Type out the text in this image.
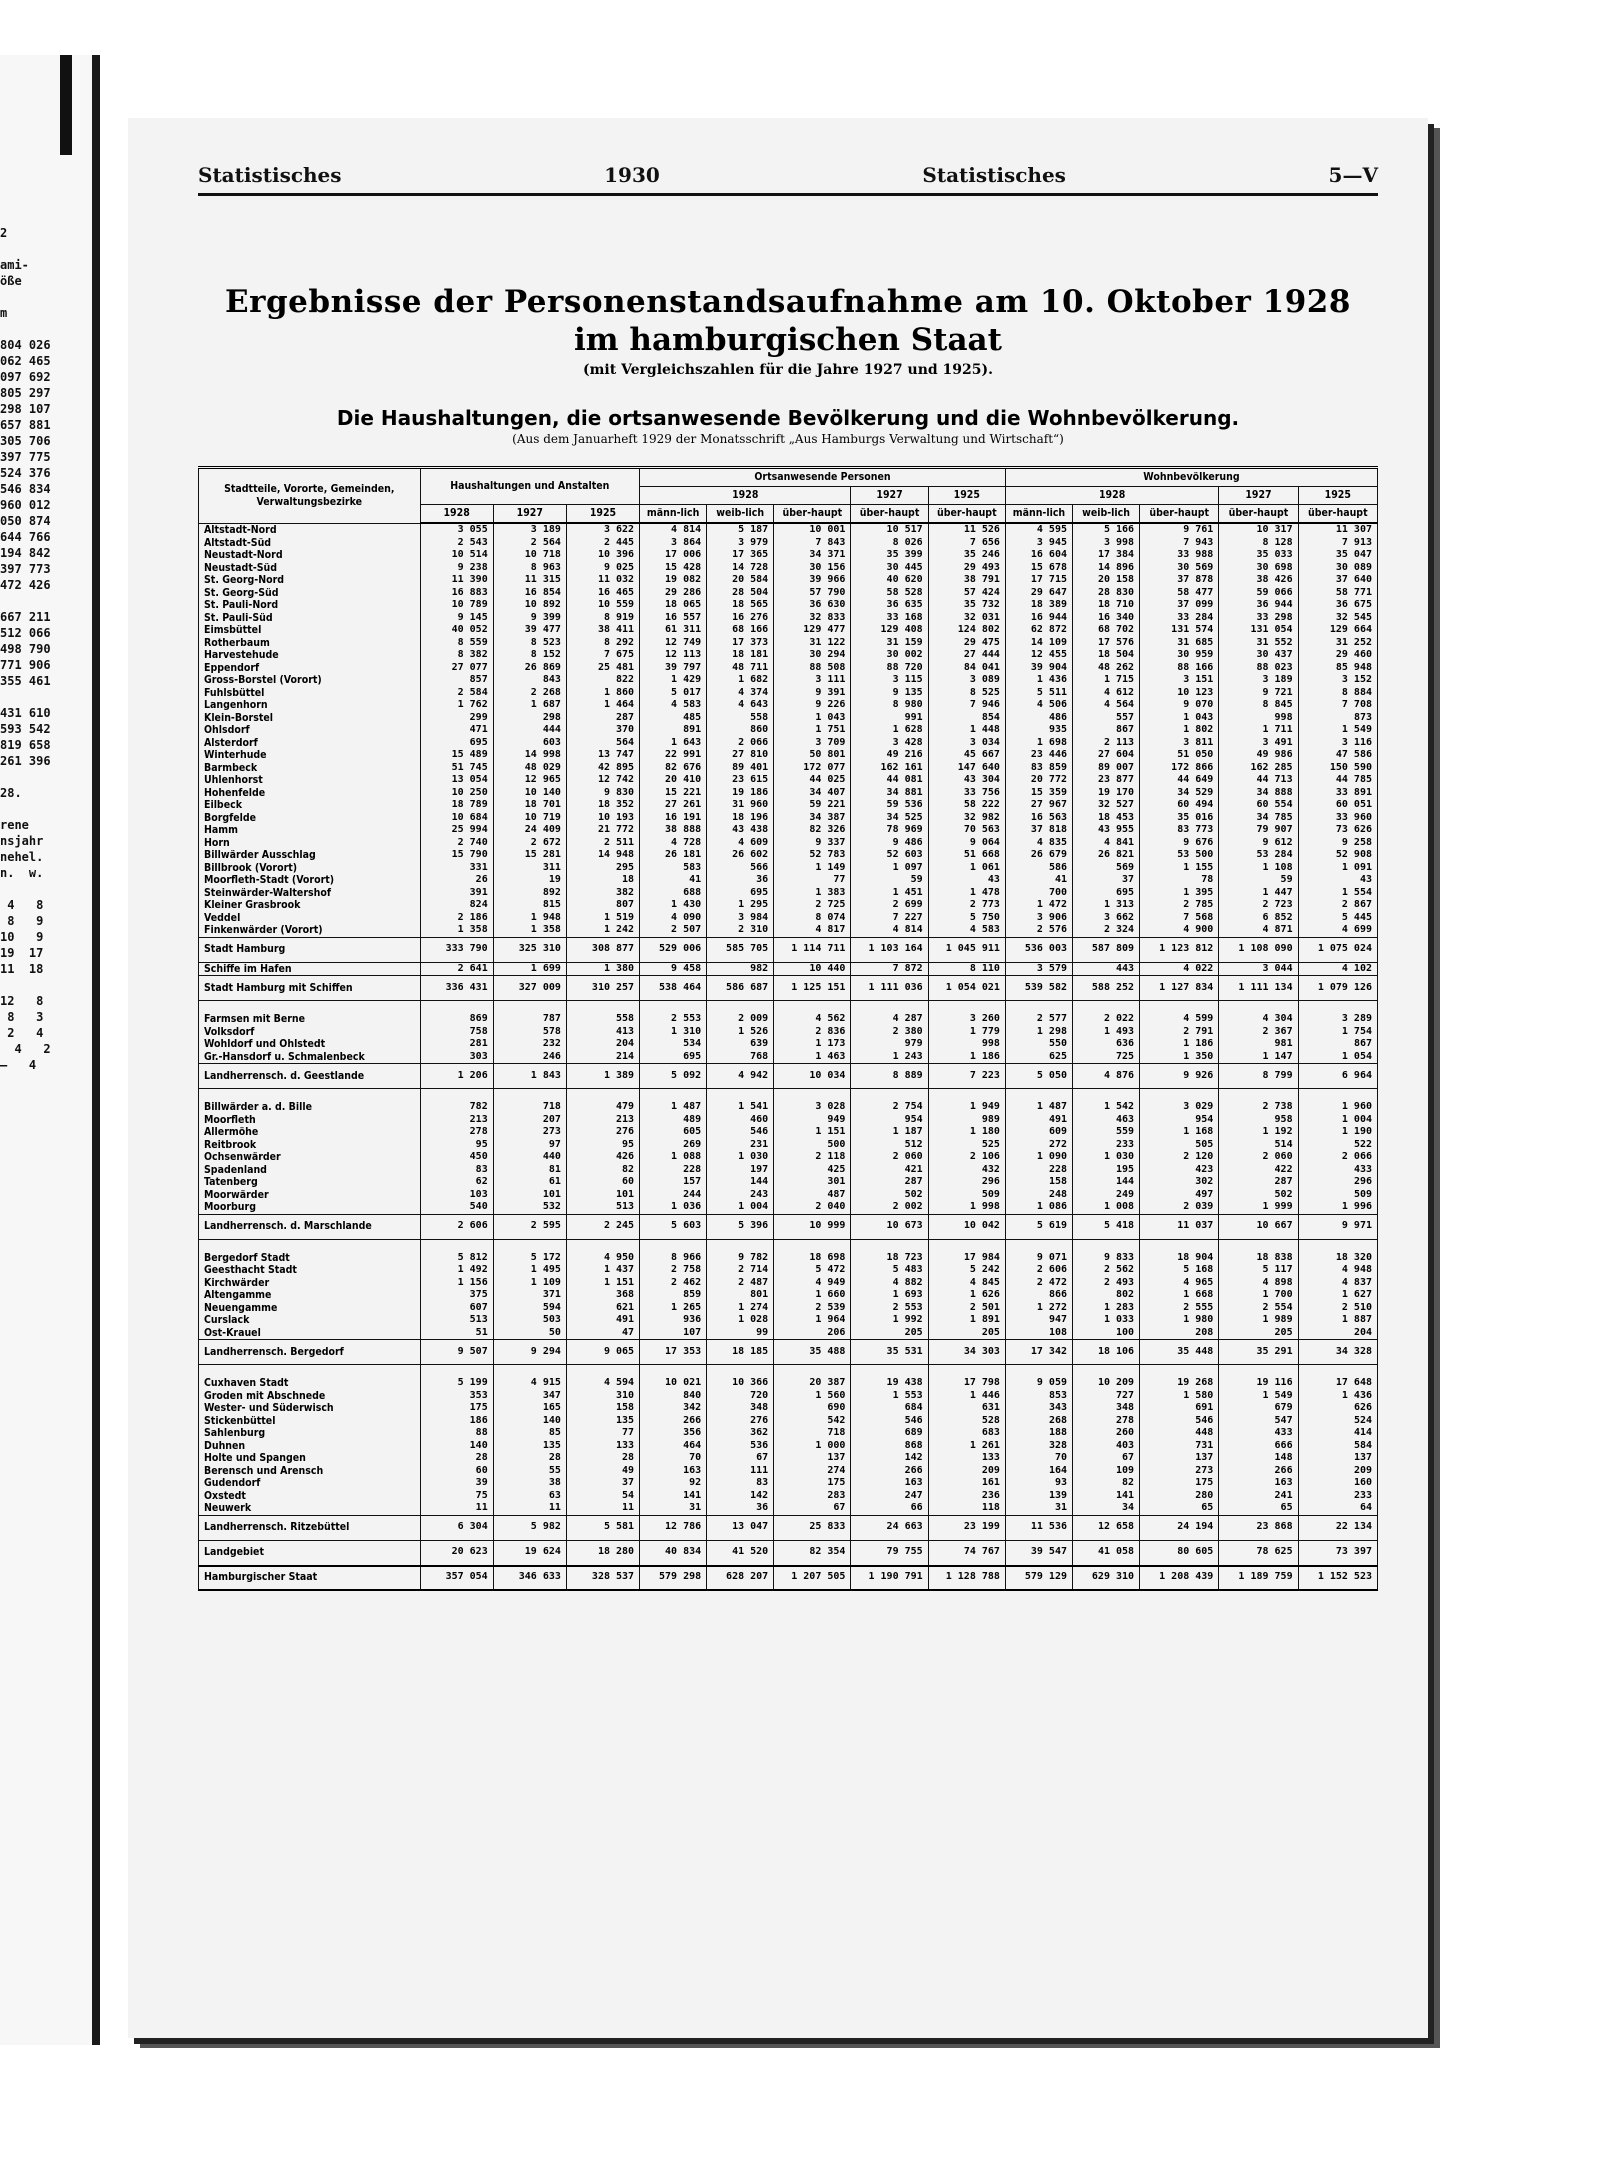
2

ami-
öße

m

804 026
062 465
097 692
805 297
298 107
657 881
305 706
397 775
524 376
546 834
960 012
050 874
644 766
194 842
397 773
472 426

667 211
512 066
498 790
771 906
355 461

431 610
593 542
819 658
261 396

28.

rene
nsjahr
nehel.
n.  w.

4   8
8   9
10   9
19  17
11  18

12   8
8   3
2   4
4   2
—   4
Statistisches	1930	Statistisches	5—V
Ergebnisse der Personenstandsaufnahme am 10. Oktober 1928
im hamburgischen Staat
(mit Vergleichszahlen für die Jahre 1927 und 1925).
Die Haushaltungen, die ortsanwesende Bevölkerung und die Wohnbevölkerung.
(Aus dem Januarheft 1929 der Monatsschrift „Aus Hamburgs Verwaltung und Wirtschaft“)
Stadtteile, Vororte, Gemeinden, Verwaltungsbezirke	Haushaltungen und Anstalten			Ortsanwesende Personen					Wohnbevölkerung				
				1928			1927	1925	1928			1927	1925
	1928	1927	1925	männ-lich	weib-lich	über-haupt	über-haupt	über-haupt	männ-lich	weib-lich	über-haupt	über-haupt	über-haupt
Altstadt-Nord	3 055	3 189	3 622	4 814	5 187	10 001	10 517	11 526	4 595	5 166	9 761	10 317	11 307
Altstadt-Süd	2 543	2 564	2 445	3 864	3 979	7 843	8 026	7 656	3 945	3 998	7 943	8 128	7 913
Neustadt-Nord	10 514	10 718	10 396	17 006	17 365	34 371	35 399	35 246	16 604	17 384	33 988	35 033	35 047
Neustadt-Süd	9 238	8 963	9 025	15 428	14 728	30 156	30 445	29 493	15 678	14 896	30 569	30 698	30 089
St. Georg-Nord	11 390	11 315	11 032	19 082	20 584	39 966	40 620	38 791	17 715	20 158	37 878	38 426	37 640
St. Georg-Süd	16 883	16 854	16 465	29 286	28 504	57 790	58 528	57 424	29 647	28 830	58 477	59 066	58 771
St. Pauli-Nord	10 789	10 892	10 559	18 065	18 565	36 630	36 635	35 732	18 389	18 710	37 099	36 944	36 675
St. Pauli-Süd	9 145	9 399	8 919	16 557	16 276	32 833	33 168	32 031	16 944	16 340	33 284	33 298	32 545
Eimsbüttel	40 052	39 477	38 411	61 311	68 166	129 477	129 408	124 802	62 872	68 702	131 574	131 054	129 664
Rotherbaum	8 559	8 523	8 292	12 749	17 373	31 122	31 159	29 475	14 109	17 576	31 685	31 552	31 252
Harvestehude	8 382	8 152	7 675	12 113	18 181	30 294	30 002	27 444	12 455	18 504	30 959	30 437	29 460
Eppendorf	27 077	26 869	25 481	39 797	48 711	88 508	88 720	84 041	39 904	48 262	88 166	88 023	85 948
Gross-Borstel (Vorort)	857	843	822	1 429	1 682	3 111	3 115	3 089	1 436	1 715	3 151	3 189	3 152
Fuhlsbüttel	2 584	2 268	1 860	5 017	4 374	9 391	9 135	8 525	5 511	4 612	10 123	9 721	8 884
Langenhorn	1 762	1 687	1 464	4 583	4 643	9 226	8 980	7 946	4 506	4 564	9 070	8 845	7 708
Klein-Borstel	299	298	287	485	558	1 043	991	854	486	557	1 043	998	873
Ohlsdorf	471	444	370	891	860	1 751	1 628	1 448	935	867	1 802	1 711	1 549
Alsterdorf	695	603	564	1 643	2 066	3 709	3 428	3 034	1 698	2 113	3 811	3 491	3 116
Winterhude	15 489	14 998	13 747	22 991	27 810	50 801	49 216	45 667	23 446	27 604	51 050	49 986	47 586
Barmbeck	51 745	48 029	42 895	82 676	89 401	172 077	162 161	147 640	83 859	89 007	172 866	162 285	150 590
Uhlenhorst	13 054	12 965	12 742	20 410	23 615	44 025	44 081	43 304	20 772	23 877	44 649	44 713	44 785
Hohenfelde	10 250	10 140	9 830	15 221	19 186	34 407	34 881	33 756	15 359	19 170	34 529	34 888	33 891
Eilbeck	18 789	18 701	18 352	27 261	31 960	59 221	59 536	58 222	27 967	32 527	60 494	60 554	60 051
Borgfelde	10 684	10 719	10 193	16 191	18 196	34 387	34 525	32 982	16 563	18 453	35 016	34 785	33 960
Hamm	25 994	24 409	21 772	38 888	43 438	82 326	78 969	70 563	37 818	43 955	83 773	79 907	73 626
Horn	2 740	2 672	2 511	4 728	4 609	9 337	9 486	9 064	4 835	4 841	9 676	9 612	9 258
Billwärder Ausschlag	15 790	15 281	14 948	26 181	26 602	52 783	52 603	51 668	26 679	26 821	53 500	53 284	52 908
Billbrook (Vorort)	331	311	295	583	566	1 149	1 097	1 061	586	569	1 155	1 108	1 091
Moorfleth-Stadt (Vorort)	26	19	18	41	36	77	59	43	41	37	78	59	43
Steinwärder-Waltershof	391	892	382	688	695	1 383	1 451	1 478	700	695	1 395	1 447	1 554
Kleiner Grasbrook	824	815	807	1 430	1 295	2 725	2 699	2 773	1 472	1 313	2 785	2 723	2 867
Veddel	2 186	1 948	1 519	4 090	3 984	8 074	7 227	5 750	3 906	3 662	7 568	6 852	5 445
Finkenwärder (Vorort)	1 358	1 358	1 242	2 507	2 310	4 817	4 814	4 583	2 576	2 324	4 900	4 871	4 699
Stadt Hamburg	333 790	325 310	308 877	529 006	585 705	1 114 711	1 103 164	1 045 911	536 003	587 809	1 123 812	1 108 090	1 075 024
Schiffe im Hafen	2 641	1 699	1 380	9 458	982	10 440	7 872	8 110	3 579	443	4 022	3 044	4 102
Stadt Hamburg mit Schiffen	336 431	327 009	310 257	538 464	586 687	1 125 151	1 111 036	1 054 021	539 582	588 252	1 127 834	1 111 134	1 079 126

Farmsen mit Berne	869	787	558	2 553	2 009	4 562	4 287	3 260	2 577	2 022	4 599	4 304	3 289
Volksdorf	758	578	413	1 310	1 526	2 836	2 380	1 779	1 298	1 493	2 791	2 367	1 754
Wohldorf und Ohlstedt	281	232	204	534	639	1 173	979	998	550	636	1 186	981	867
Gr.-Hansdorf u. Schmalenbeck	303	246	214	695	768	1 463	1 243	1 186	625	725	1 350	1 147	1 054
Landherrensch. d. Geestlande	1 206	1 843	1 389	5 092	4 942	10 034	8 889	7 223	5 050	4 876	9 926	8 799	6 964

Billwärder a. d. Bille	782	718	479	1 487	1 541	3 028	2 754	1 949	1 487	1 542	3 029	2 738	1 960
Moorfleth	213	207	213	489	460	949	954	989	491	463	954	958	1 004
Allermöhe	278	273	276	605	546	1 151	1 187	1 180	609	559	1 168	1 192	1 190
Reitbrook	95	97	95	269	231	500	512	525	272	233	505	514	522
Ochsenwärder	450	440	426	1 088	1 030	2 118	2 060	2 106	1 090	1 030	2 120	2 060	2 066
Spadenland	83	81	82	228	197	425	421	432	228	195	423	422	433
Tatenberg	62	61	60	157	144	301	287	296	158	144	302	287	296
Moorwärder	103	101	101	244	243	487	502	509	248	249	497	502	509
Moorburg	540	532	513	1 036	1 004	2 040	2 002	1 998	1 086	1 008	2 039	1 999	1 996
Landherrensch. d. Marschlande	2 606	2 595	2 245	5 603	5 396	10 999	10 673	10 042	5 619	5 418	11 037	10 667	9 971

Bergedorf Stadt	5 812	5 172	4 950	8 966	9 782	18 698	18 723	17 984	9 071	9 833	18 904	18 838	18 320
Geesthacht Stadt	1 492	1 495	1 437	2 758	2 714	5 472	5 483	5 242	2 606	2 562	5 168	5 117	4 948
Kirchwärder	1 156	1 109	1 151	2 462	2 487	4 949	4 882	4 845	2 472	2 493	4 965	4 898	4 837
Altengamme	375	371	368	859	801	1 660	1 693	1 626	866	802	1 668	1 700	1 627
Neuengamme	607	594	621	1 265	1 274	2 539	2 553	2 501	1 272	1 283	2 555	2 554	2 510
Curslack	513	503	491	936	1 028	1 964	1 992	1 891	947	1 033	1 980	1 989	1 887
Ost-Krauel	51	50	47	107	99	206	205	205	108	100	208	205	204
Landherrensch. Bergedorf	9 507	9 294	9 065	17 353	18 185	35 488	35 531	34 303	17 342	18 106	35 448	35 291	34 328

Cuxhaven Stadt	5 199	4 915	4 594	10 021	10 366	20 387	19 438	17 798	9 059	10 209	19 268	19 116	17 648
Groden mit Abschnede	353	347	310	840	720	1 560	1 553	1 446	853	727	1 580	1 549	1 436
Wester- und Süderwisch	175	165	158	342	348	690	684	631	343	348	691	679	626
Stickenbüttel	186	140	135	266	276	542	546	528	268	278	546	547	524
Sahlenburg	88	85	77	356	362	718	689	683	188	260	448	433	414
Duhnen	140	135	133	464	536	1 000	868	1 261	328	403	731	666	584
Holte und Spangen	28	28	28	70	67	137	142	133	70	67	137	148	137
Berensch und Arensch	60	55	49	163	111	274	266	209	164	109	273	266	209
Gudendorf	39	38	37	92	83	175	163	161	93	82	175	163	160
Oxstedt	75	63	54	141	142	283	247	236	139	141	280	241	233
Neuwerk	11	11	11	31	36	67	66	118	31	34	65	65	64
Landherrensch. Ritzebüttel	6 304	5 982	5 581	12 786	13 047	25 833	24 663	23 199	11 536	12 658	24 194	23 868	22 134
Landgebiet	20 623	19 624	18 280	40 834	41 520	82 354	79 755	74 767	39 547	41 058	80 605	78 625	73 397
Hamburgischer Staat	357 054	346 633	328 537	579 298	628 207	1 207 505	1 190 791	1 128 788	579 129	629 310	1 208 439	1 189 759	1 152 523
